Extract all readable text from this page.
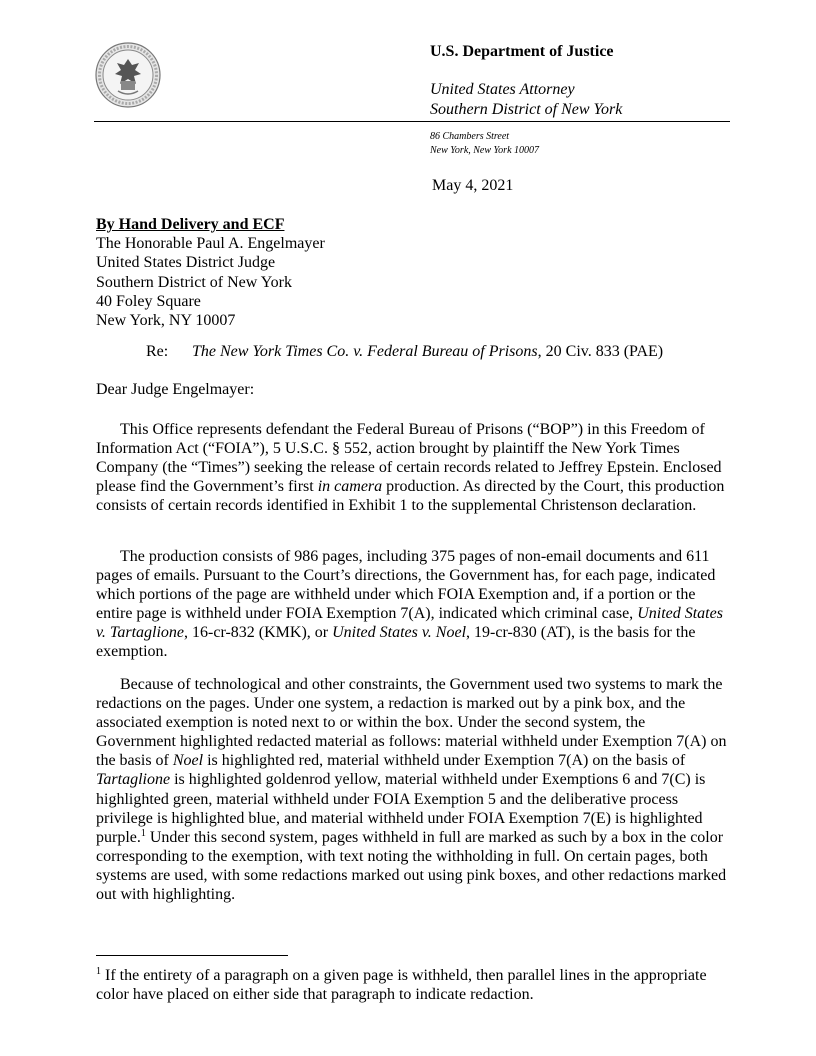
U.S. Department of Justice
United States Attorney
Southern District of New York
86 Chambers Street
New York, New York 10007
May 4, 2021
By Hand Delivery and ECF
The Honorable Paul A. Engelmayer
United States District Judge
Southern District of New York
40 Foley Square
New York, NY 10007
Re: The New York Times Co. v. Federal Bureau of Prisons, 20 Civ. 833 (PAE)
Dear Judge Engelmayer:

This Office represents defendant the Federal Bureau of Prisons (“BOP”) in this Freedom of Information Act (“FOIA”), 5 U.S.C. § 552, action brought by plaintiff the New York Times Company (the “Times”) seeking the release of certain records related to Jeffrey Epstein. Enclosed please find the Government’s first in camera production. As directed by the Court, this production consists of certain records identified in Exhibit 1 to the supplemental Christenson declaration.

The production consists of 986 pages, including 375 pages of non-email documents and 611 pages of emails. Pursuant to the Court’s directions, the Government has, for each page, indicated which portions of the page are withheld under which FOIA Exemption and, if a portion or the entire page is withheld under FOIA Exemption 7(A), indicated which criminal case, United States v. Tartaglione, 16-cr-832 (KMK), or United States v. Noel, 19-cr-830 (AT), is the basis for the exemption.

Because of technological and other constraints, the Government used two systems to mark the redactions on the pages. Under one system, a redaction is marked out by a pink box, and the associated exemption is noted next to or within the box. Under the second system, the Government highlighted redacted material as follows: material withheld under Exemption 7(A) on the basis of Noel is highlighted red, material withheld under Exemption 7(A) on the basis of Tartaglione is highlighted goldenrod yellow, material withheld under Exemptions 6 and 7(C) is highlighted green, material withheld under FOIA Exemption 5 and the deliberative process privilege is highlighted blue, and material withheld under FOIA Exemption 7(E) is highlighted purple.$^1$ Under this second system, pages withheld in full are marked as such by a box in the color corresponding to the exemption, with text noting the withholding in full. On certain pages, both systems are used, with some redactions marked out using pink boxes, and other redactions marked out with highlighting.

$^1$ If the entirety of a paragraph on a given page is withheld, then parallel lines in the appropriate color have placed on either side that paragraph to indicate redaction.
